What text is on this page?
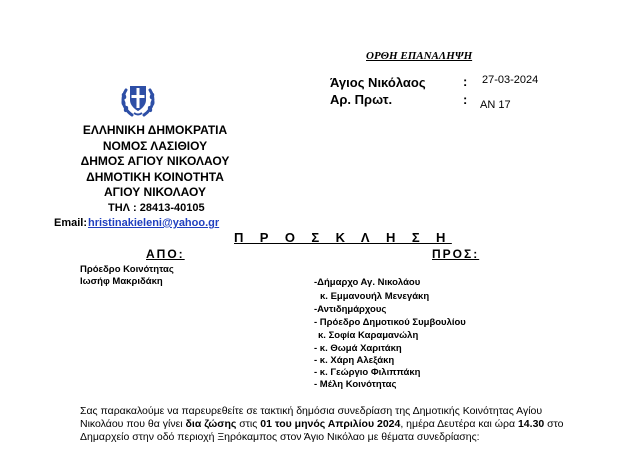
ΟΡΘΗ ΕΠΑΝΑΛΗΨΗ
Άγιος Νικόλαος	: 27-03-2024
Αρ. Πρωτ.	: ΑΝ 17
ΕΛΛΗΝΙΚΗ ΔΗΜΟΚΡΑΤΙΑ
ΝΟΜΟΣ ΛΑΣΙΘΙΟΥ
ΔΗΜΟΣ ΑΓΙΟΥ ΝΙΚΟΛΑΟΥ
ΔΗΜΟΤΙΚΗ ΚΟΙΝΟΤΗΤΑ
ΑΓΙΟΥ ΝΙΚΟΛΑΟΥ
ΤΗΛ : 28413-40105
Email: hristinakieleni@yahoo.gr
Π Ρ Ο Σ Κ Λ Η Σ Η
ΑΠΟ:	ΠΡΟΣ:
Πρόεδρο Κοινότητας
Ιωσήφ Μακριδάκη	-Δήμαρχο Αγ. Νικολάου
κ. Εμμανουήλ Μενεγάκη
-Αντιδημάρχους
- Πρόεδρο Δημοτικού Συμβουλίου
κ. Σοφία Καραμανώλη
- κ. Θωμά Χαριτάκη
- κ. Χάρη Αλεξάκη
- κ. Γεώργιο Φιλιππάκη
- Μέλη Κοινότητας
Σας παρακαλούμε να παρευρεθείτε σε τακτική δημόσια συνεδρίαση της Δημοτικής Κοινότητας Αγίου Νικολάου που θα γίνει δια ζώσης στις 01 του μηνός Απριλίου 2024, ημέρα Δευτέρα και ώρα 14.30 στο Δημαρχείο στην οδό περιοχή Ξηρόκαμπος στον Άγιο Νικόλαο με θέματα συνεδρίασης:
